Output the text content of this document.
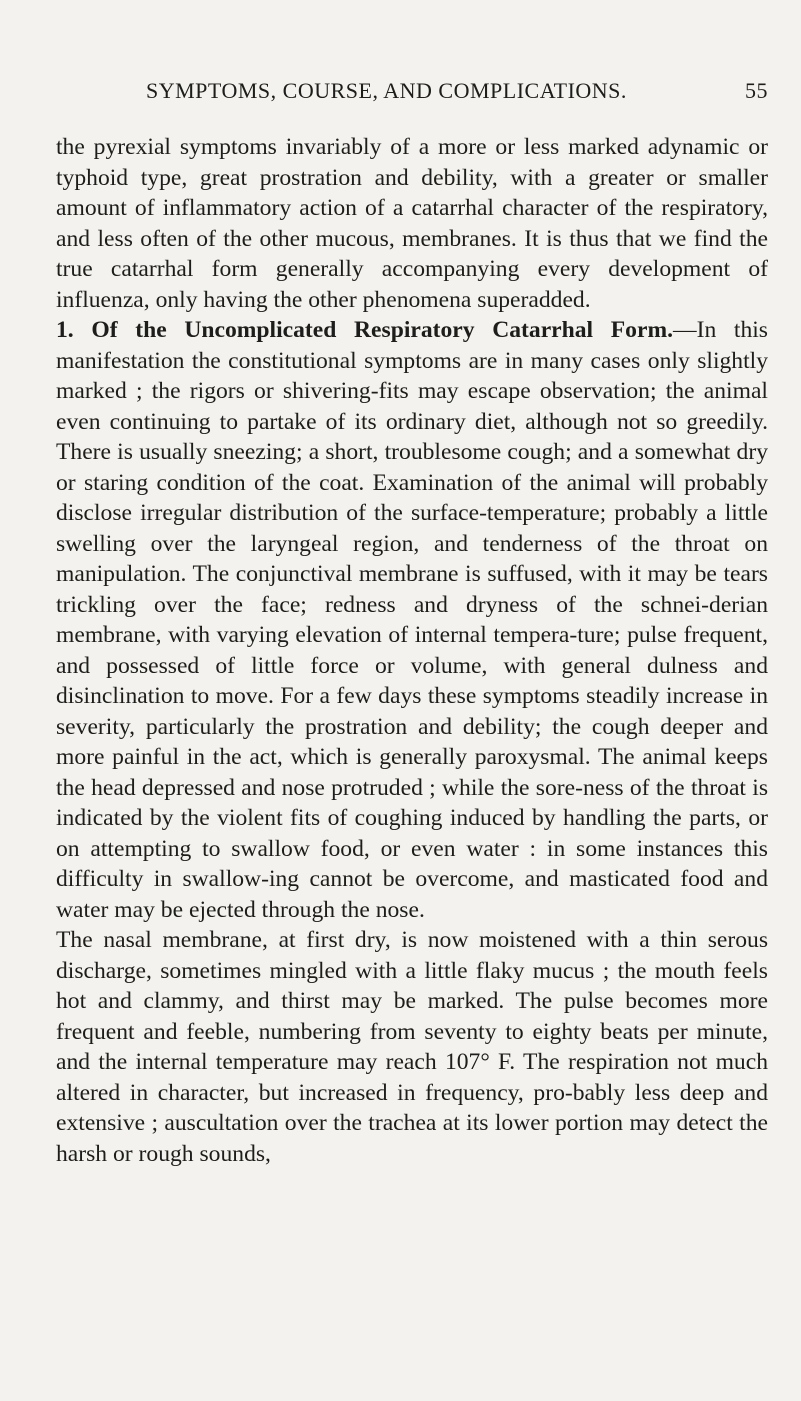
SYMPTOMS, COURSE, AND COMPLICATIONS.	55

the pyrexial symptoms invariably of a more or less marked adynamic or typhoid type, great prostration and debility, with a greater or smaller amount of inflammatory action of a catarrhal character of the respiratory, and less often of the other mucous, membranes. It is thus that we find the true catarrhal form generally accompanying every development of influenza, only having the other phenomena superadded.

1. Of the Uncomplicated Respiratory Catarrhal Form.—In this manifestation the constitutional symptoms are in many cases only slightly marked ; the rigors or shivering-fits may escape observation; the animal even continuing to partake of its ordinary diet, although not so greedily. There is usually sneezing; a short, troublesome cough; and a somewhat dry or staring condition of the coat. Examination of the animal will probably disclose irregular distribution of the surface-temperature; probably a little swelling over the laryngeal region, and tenderness of the throat on manipulation. The conjunctival membrane is suffused, with it may be tears trickling over the face; redness and dryness of the schnei-derian membrane, with varying elevation of internal tempera-ture; pulse frequent, and possessed of little force or volume, with general dulness and disinclination to move. For a few days these symptoms steadily increase in severity, particularly the prostration and debility; the cough deeper and more painful in the act, which is generally paroxysmal. The animal keeps the head depressed and nose protruded ; while the sore-ness of the throat is indicated by the violent fits of coughing induced by handling the parts, or on attempting to swallow food, or even water : in some instances this difficulty in swallow-ing cannot be overcome, and masticated food and water may be ejected through the nose.

The nasal membrane, at first dry, is now moistened with a thin serous discharge, sometimes mingled with a little flaky mucus ; the mouth feels hot and clammy, and thirst may be marked. The pulse becomes more frequent and feeble, numbering from seventy to eighty beats per minute, and the internal temperature may reach 107° F. The respiration not much altered in character, but increased in frequency, pro-bably less deep and extensive ; auscultation over the trachea at its lower portion may detect the harsh or rough sounds,
